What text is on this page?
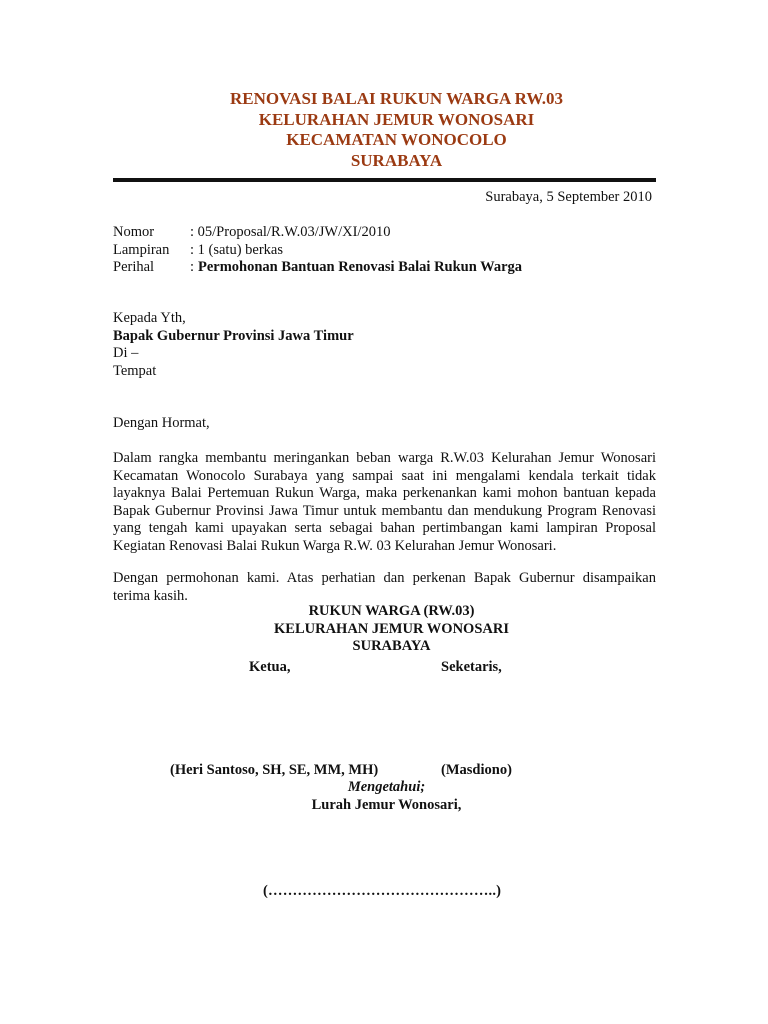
RENOVASI BALAI RUKUN WARGA RW.03
KELURAHAN JEMUR WONOSARI
KECAMATAN WONOCOLO
SURABAYA
Surabaya, 5 September 2010
Nomor	: 05/Proposal/R.W.03/JW/XI/2010
Lampiran	: 1 (satu) berkas
Perihal	: Permohonan Bantuan Renovasi Balai Rukun Warga
Kepada Yth,
Bapak Gubernur Provinsi Jawa Timur
Di –
Tempat
Dengan Hormat,
Dalam rangka membantu meringankan beban warga R.W.03 Kelurahan Jemur Wonosari Kecamatan Wonocolo Surabaya yang sampai saat ini mengalami kendala terkait tidak layaknya Balai Pertemuan Rukun Warga, maka perkenankan kami mohon bantuan kepada Bapak Gubernur Provinsi Jawa Timur untuk membantu dan mendukung Program Renovasi yang tengah kami upayakan serta sebagai bahan pertimbangan kami lampiran Proposal Kegiatan Renovasi Balai Rukun Warga R.W. 03 Kelurahan Jemur Wonosari.
Dengan permohonan kami. Atas perhatian dan perkenan Bapak Gubernur disampaikan terima kasih.
RUKUN WARGA (RW.03)
KELURAHAN JEMUR WONOSARI
SURABAYA
Ketua,	Seketaris,
(Heri Santoso, SH, SE, MM, MH)	(Masdiono)
Mengetahui;
Lurah Jemur Wonosari,
(………………………………………..)
